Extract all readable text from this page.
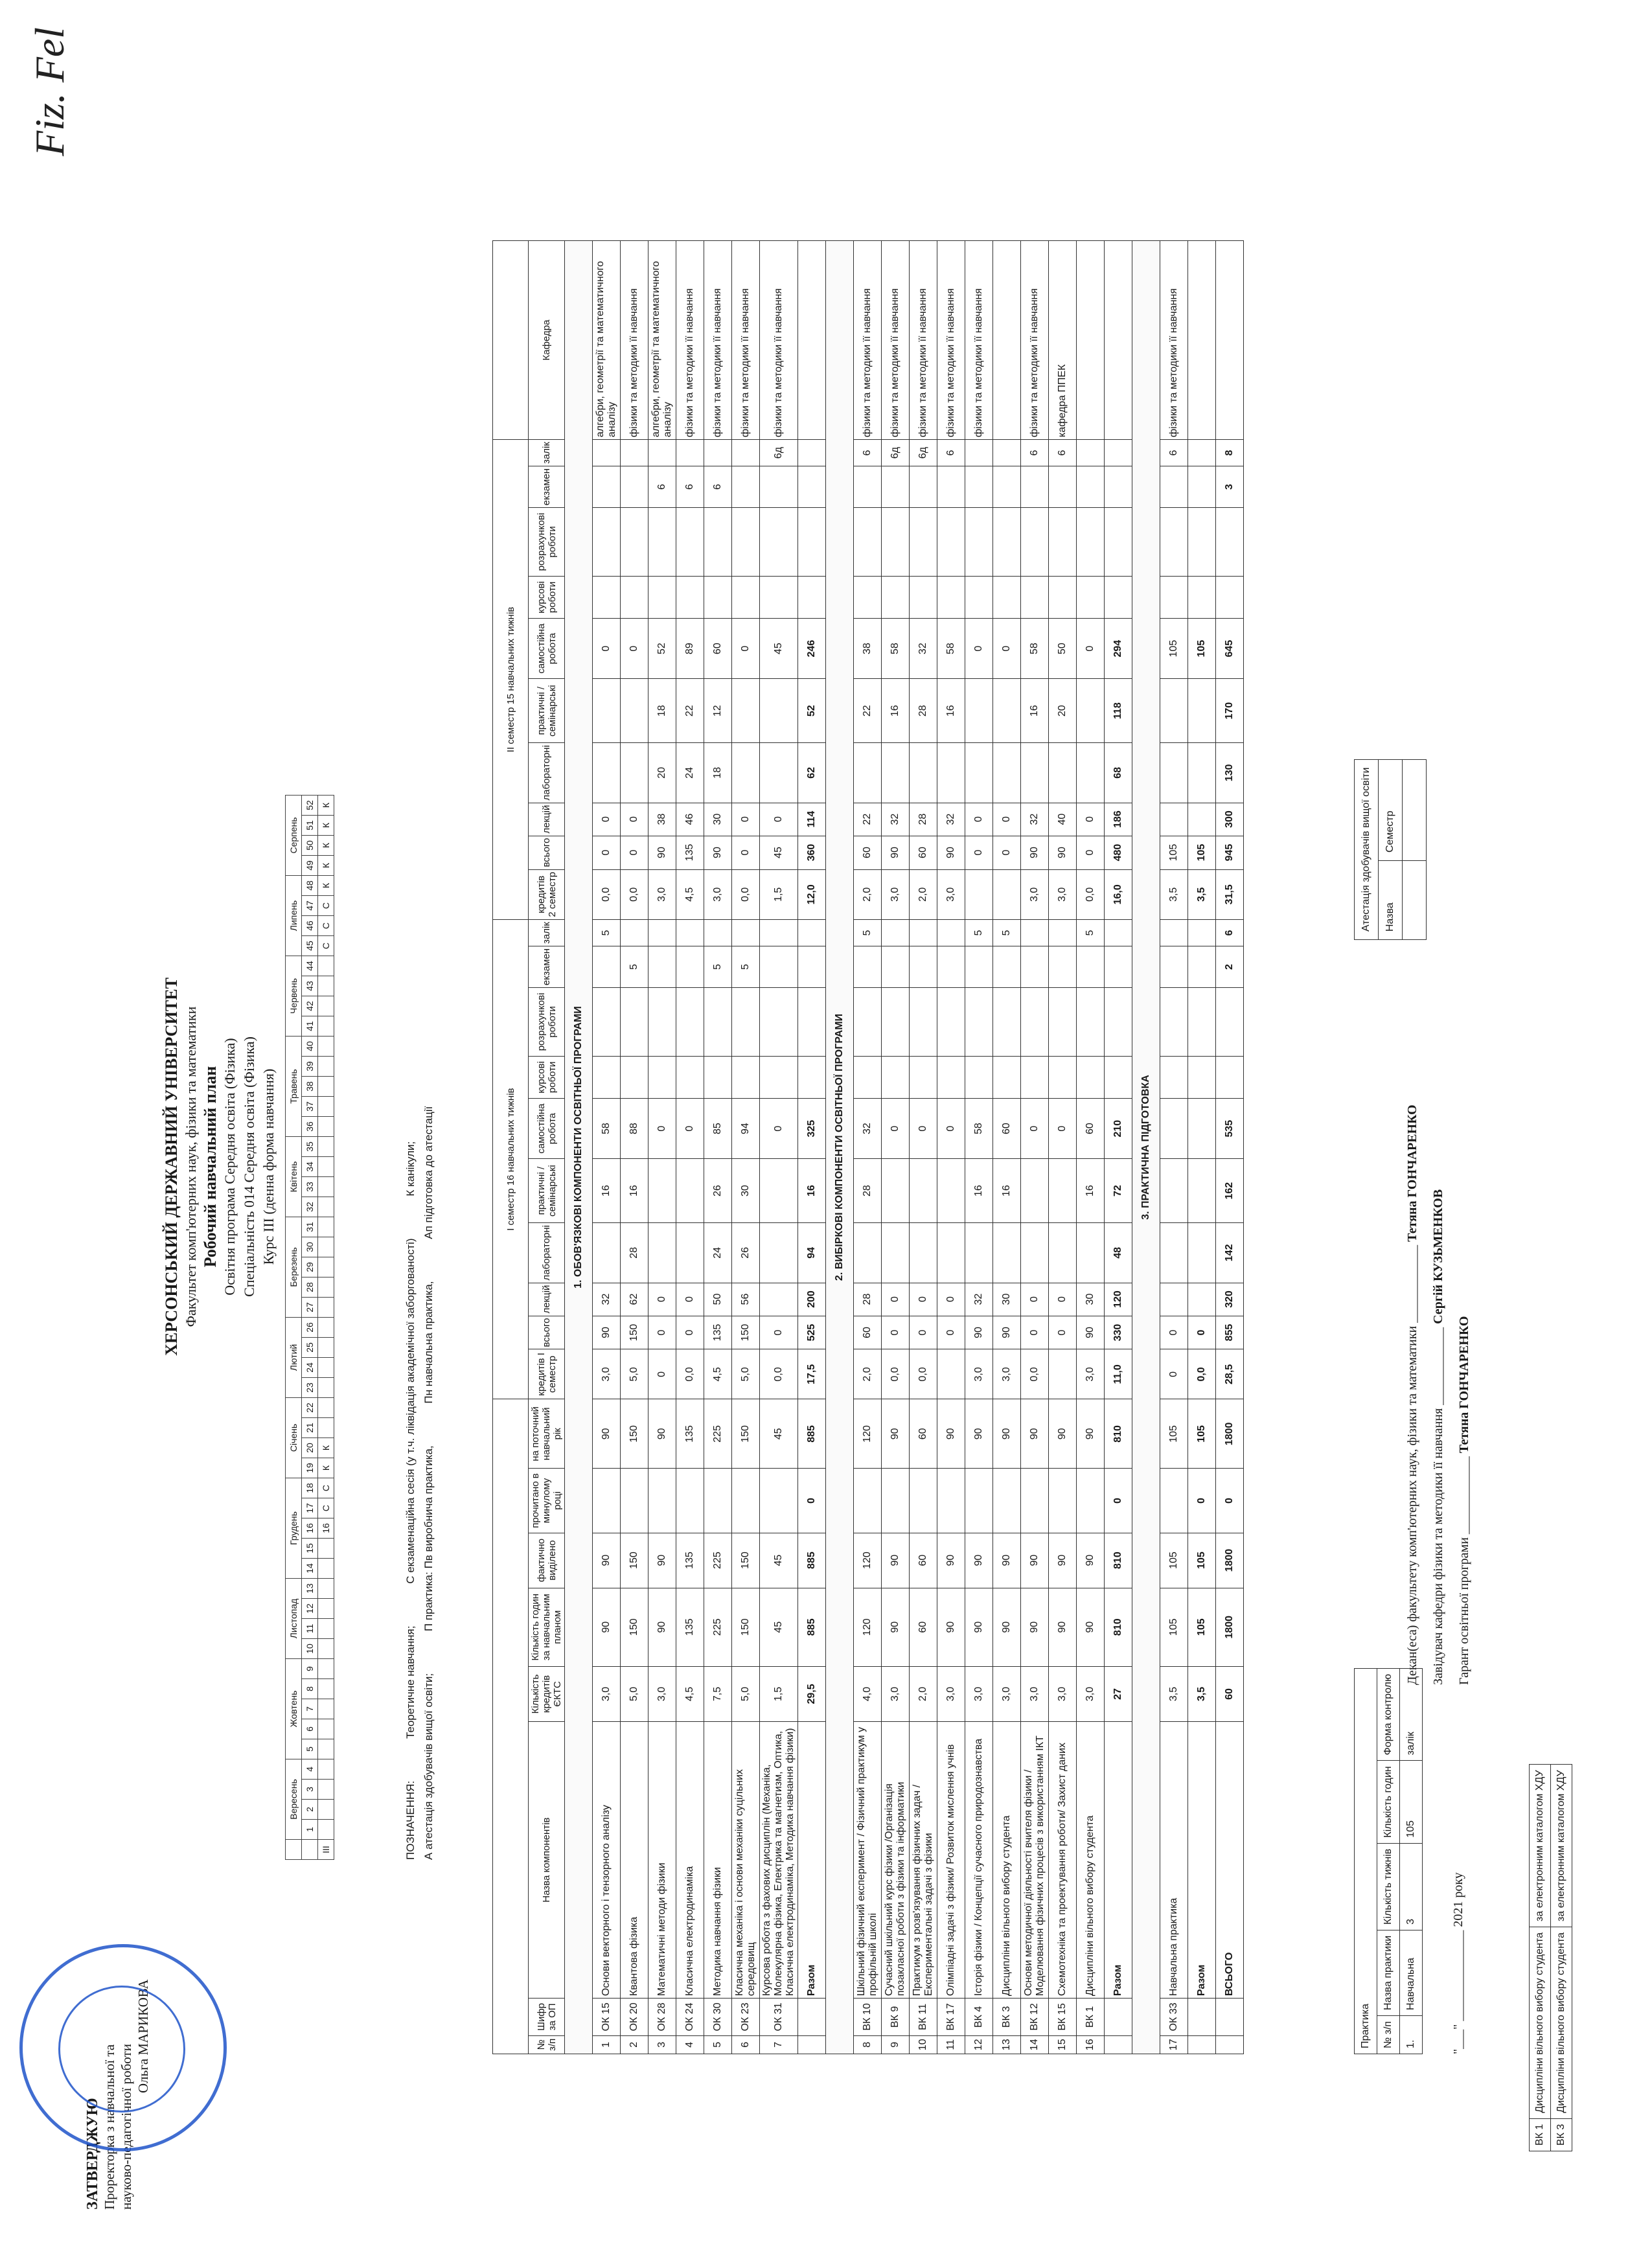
ЗАТВЕРДЖУЮ Проректорка з навчальної та науково-педагогічної роботи
Ольга МАРИКОВА
Fiz. Fel
ХЕРСОНСЬКИЙ ДЕРЖАВНИЙ УНІВЕРСИТЕТ Факультет комп'ютерних наук, фізики та математики Робочий навчальний план Освітня програма Середня освіта (Фізика) Спеціальність 014 Середня освіта (Фізика) Курс ІІІ (денна форма навчання)
	Вересень				Жовтень					Листопад				Грудень					Січень				Лютий				Березень					Квітень				Травень					Червень				Липень				Серпень			
	1	2	3	4	5	6	7	8	9	10	11	12	13	14	15	16	17	18	19	20	21	22	23	24	25	26	27	28	29	30	31	32	33	34	35	36	37	38	39	40	41	42	43	44	45	46	47	48	49	50	51	52
ІІІ																16	С	С	К	К																									С	С	С	К	К	К	К	К
ПОЗНАЧЕННЯ: Теоретичне навчання; С екзаменаційна сесія (у т.ч. ліквідація академічної заборгованості) К канікули;
А атестація здобувачів вищої освіти; П практика: Пв виробнича практика, Пн навчальна практика, Ап підготовка до атестації
								I семестр 16 навчальних тижнів										II семестр 15 навчальних тижнів										
№ з/п	Шифр за ОП	Назва компонентів	Кількість кредитів ЄКТС	Кількість годин за навчальним планом	фактично виділено	прочитано в минулому році	на поточний навчальний рік	кредитів I семестр	всього	лекцій	лабораторні	практичні /семінарські	самостійна робота	курсові роботи	розрахункові роботи	екзамен	залік	кредитів 2 семестр	всього	лекцій	лабораторні	практичні /семінарські	самостійна робота	курсові роботи	розрахункові роботи	екзамен	залік	Кафедра
1. ОБОВ'ЯЗКОВІ КОМПОНЕНТИ ОСВІТНЬОЇ ПРОГРАМИ																												
1	ОК 15	Основи векторного і тензорного аналізу	3,0	90	90		90	3,0	90	32		16	58				5	0,0	0	0			0					алгебри, геометрії та математичного аналізу
2	ОК 20	Квантова фізика	5,0	150	150		150	5,0	150	62	28	16	88			5		0,0	0	0			0					фізики та методики її навчання
3	ОК 28	Математичні методи фізики	3,0	90	90		90	0	0	0			0					3,0	90	38	20	18	52			6		алгебри, геометрії та математичного аналізу
4	ОК 24	Класична електродинаміка	4,5	135	135		135	0,0	0	0			0					4,5	135	46	24	22	89			6		фізики та методики її навчання
5	ОК 30	Методика навчання фізики	7,5	225	225		225	4,5	135	50	24	26	85			5		3,0	90	30	18	12	60			6		фізики та методики її навчання
6	ОК 23	Класична механіка і основи механіки суцільних середовищ	5,0	150	150		150	5,0	150	56	26	30	94			5		0,0	0	0			0					фізики та методики її навчання
7	ОК 31	Курсова робота з фахових дисциплін (Механіка, Молекулярна фізика, Електрика та магнетизм, Оптика, Класична електродинаміка, Методика навчання фізики)	1,5	45	45		45	0,0	0				0					1,5	45	0			45				6д	фізики та методики її навчання
		Разом	29,5	885	885	0	885	17,5	525	200	94	16	325					12,0	360	114	62	52	246					
2. ВИБІРКОВІ КОМПОНЕНТИ ОСВІТНЬОЇ ПРОГРАМИ																												
8	ВК 10	Шкільний фізичний експеримент / Фізичний практикум у профільній школі	4,0	120	120		120	2,0	60	28		28	32				5	2,0	60	22		22	38				6	фізики та методики її навчання
9	ВК 9	Сучасний шкільний курс фізики /Організація позакласної роботи з фізики та інформатики	3,0	90	90		90	0,0	0	0			0					3,0	90	32		16	58				6д	фізики та методики її навчання
10	ВК 11	Практикум з розв'язування фізичних задач / Експериментальні задачі з фізики	2,0	60	60		60	0,0	0	0			0					2,0	60	28		28	32				6д	фізики та методики її навчання
11	ВК 17	Олімпіадні задачі з фізики/ Розвиток мислення учнів	3,0	90	90		90		0	0			0					3,0	90	32		16	58				6	фізики та методики її навчання
12	ВК 4	Історія фізики / Концепції сучасного природознавства	3,0	90	90		90	3,0	90	32		16	58				5		0	0			0					фізики та методики її навчання
13	ВК 3	Дисципліни вільного вибору студента	3,0	90	90		90	3,0	90	30		16	60				5		0	0			0					
14	ВК 12	Основи методичної діяльності вчителя фізики / Моделювання фізичних процесів з використанням ІКТ	3,0	90	90		90	0,0	0	0			0					3,0	90	32		16	58				6	фізики та методики її навчання
15	ВК 15	Схемотехніка та проектування роботи/ Захист даних	3,0	90	90		90		0	0			0					3,0	90	40		20	50				6	кафедра ППЕК
16	ВК 1	Дисципліни вільного вибору студента	3,0	90	90		90	3,0	90	30		16	60				5	0,0	0	0			0					
		Разом	27	810	810	0	810	11,0	330	120	48	72	210					16,0	480	186	68	118	294					
3. ПРАКТИЧНА ПІДГОТОВКА																												
17	ОК 33	Навчальна практика	3,5	105	105		105	0	0									3,5	105				105				6	фізики та методики її навчання
		Разом	3,5	105	105	0	105	0,0	0									3,5	105				105					
		ВСЬОГО	60	1800	1800	0	1800	28,5	855	320	142	162	535			2	6	31,5	945	300	130	170	645			3	8	
Практика				
№ з/п	Назва практики	Кількість тижнів	Кількість годин	Форма контролю
1.	Навчальна	3	105	залік
Атестація здобувачів вищої освіти	
Назва	Семестр

"___" ______________ 2021 року
Декан(еса) факультету комп'ютерних наук, фізики та математики ____________ Тетяна ГОНЧАРЕНКО
Завідувач кафедри фізики та методики її навчання ____________ Сергій КУЗЬМЕНКОВ
Гарант освітньої програми ____________ Тетяна ГОНЧАРЕНКО
ВК 1	Дисципліни вільного вибору студента	за електронним каталогом ХДУ
ВК 3	Дисципліни вільного вибору студента	за електронним каталогом ХДУ
